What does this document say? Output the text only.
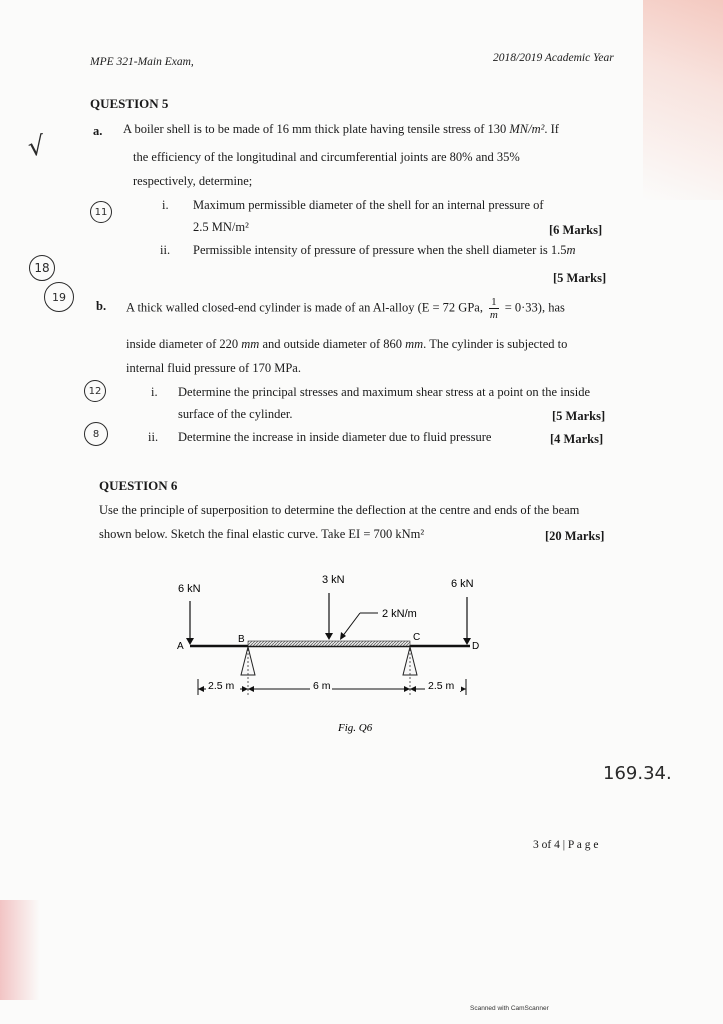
MPE 321-Main Exam,	2018/2019 Academic Year
QUESTION 5
a. A boiler shell is to be made of 16 mm thick plate having tensile stress of 130 MN/m². If
the efficiency of the longitudinal and circumferential joints are 80% and 35%
respectively, determine;
i. Maximum permissible diameter of the shell for an internal pressure of
2.5 MN/m²	[6 Marks]
ii. Permissible intensity of pressure of pressure when the shell diameter is 1.5m
[5 Marks]
b. A thick walled closed-end cylinder is made of an Al-alloy (E = 72 GPa, $\frac{1}{m} = 0\cdot 33$), has
inside diameter of 220 mm and outside diameter of 860 mm. The cylinder is subjected to
internal fluid pressure of 170 MPa.
i. Determine the principal stresses and maximum shear stress at a point on the inside
surface of the cylinder.	[5 Marks]
ii. Determine the increase in inside diameter due to fluid pressure	[4 Marks]
QUESTION 6
Use the principle of superposition to determine the deflection at the centre and ends of the beam
shown below. Sketch the final elastic curve. Take EI = 700 kNm²	[20 Marks]
6 kN
3 kN	6 kN
2 kN/m
A
B	C
D
2.5 m	6 m	2.5 m
Fig. Q6
3 of 4 | P a g e
Scanned with CamScanner
√
11
18
19
12
8
169.34.
